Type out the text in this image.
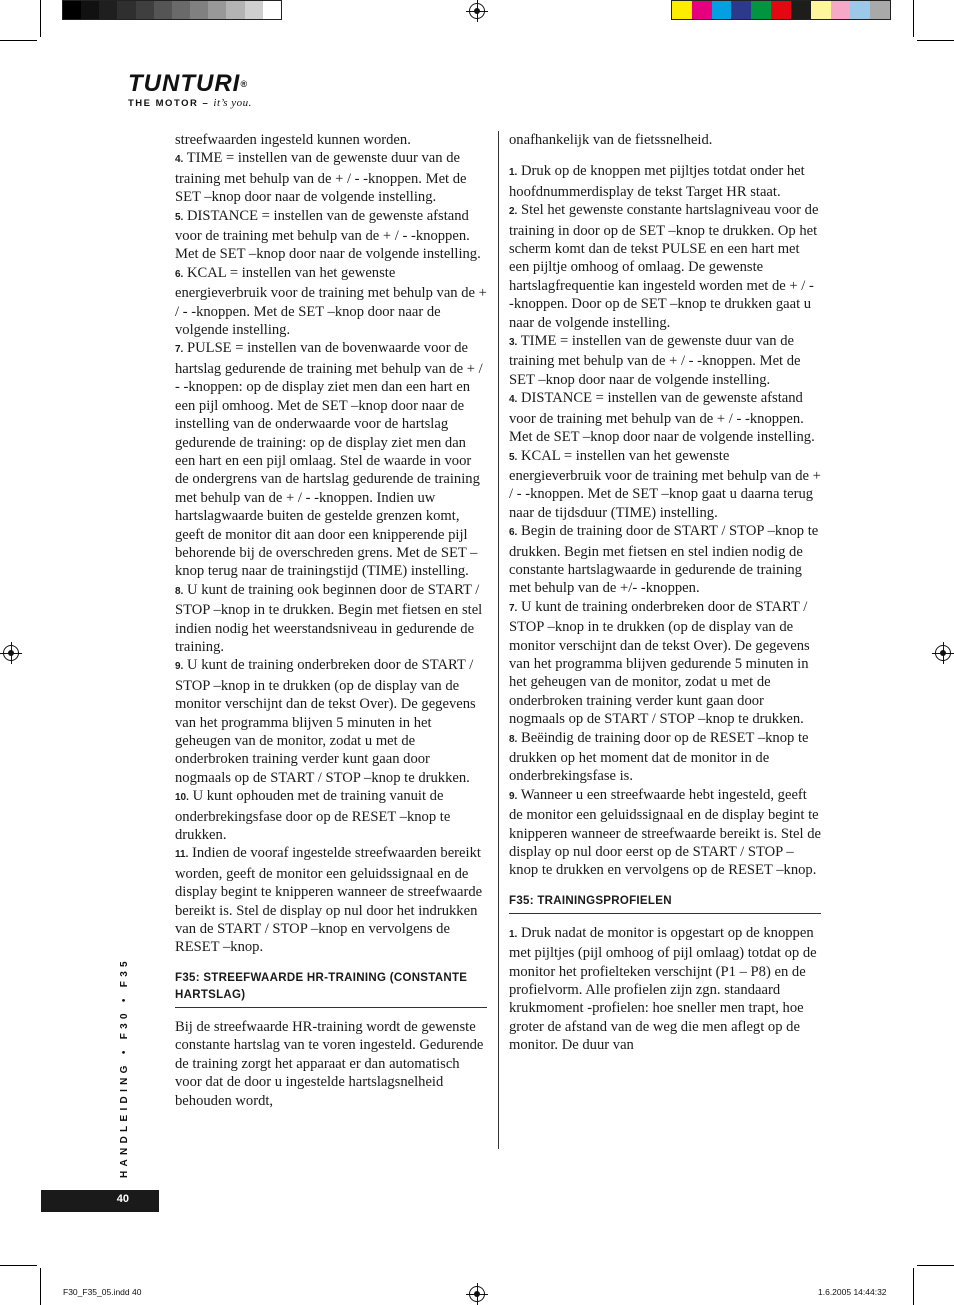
TUNTURI®
THE MOTOR – it’s you.

streefwaarden ingesteld kunnen worden.

4. TIME = instellen van de gewenste duur van de training met behulp van de + / - -knoppen. Met de SET –knop door naar de volgende instelling.

5. DISTANCE = instellen van de gewenste afstand voor de training met behulp van de + / - -knoppen. Met de SET –knop door naar de volgende instelling.

6. KCAL = instellen van het gewenste energieverbruik voor de training met behulp van de + / - -knoppen. Met de SET –knop door naar de volgende instelling.

7. PULSE = instellen van de bovenwaarde voor de hartslag gedurende de training met behulp van de + / - -knoppen: op de display ziet men dan een hart en een pijl omhoog. Met de SET –knop door naar de instelling van de onderwaarde voor de hartslag gedurende de training: op de display ziet men dan een hart en een pijl omlaag. Stel de waarde in voor de ondergrens van de hartslag gedurende de training met behulp van de + / - -knoppen. Indien uw hartslagwaarde buiten de gestelde grenzen komt, geeft de monitor dit aan door een knipperende pijl behorende bij de overschreden grens. Met de SET –knop terug naar de trainingstijd (TIME) instelling.

8. U kunt de training ook beginnen door de START / STOP –knop in te drukken. Begin met fietsen en stel indien nodig het weerstandsniveau in gedurende de training.

9. U kunt de training onderbreken door de START / STOP –knop in te drukken (op de display van de monitor verschijnt dan de tekst Over). De gegevens van het programma blijven 5 minuten in het geheugen van de monitor, zodat u met de onderbroken training verder kunt gaan door nogmaals op de START / STOP –knop te drukken.

10. U kunt ophouden met de training vanuit de onderbrekingsfase door op de RESET –knop te drukken.

11. Indien de vooraf ingestelde streefwaarden bereikt worden, geeft de monitor een geluidssignaal en de display begint te knipperen wanneer de streefwaarde bereikt is. Stel de display op nul door het indrukken van de START / STOP –knop en vervolgens de RESET –knop.

F35: STREEFWAARDE HR-TRAINING (CONSTANTE HARTSLAG)

Bij de streefwaarde HR-training wordt de gewenste constante hartslag van te voren ingesteld. Gedurende de training zorgt het apparaat er dan automatisch voor dat de door u ingestelde hartslagsnelheid behouden wordt,

onafhankelijk van de fietssnelheid.

1. Druk op de knoppen met pijltjes totdat onder het hoofdnummerdisplay de tekst Target HR staat.

2. Stel het gewenste constante hartslagniveau voor de training in door op de SET –knop te drukken. Op het scherm komt dan de tekst PULSE en een hart met een pijltje omhoog of omlaag. De gewenste hartslagfrequentie kan ingesteld worden met de + / - -knoppen. Door op de SET –knop te drukken gaat u naar de volgende instelling.

3. TIME = instellen van de gewenste duur van de training met behulp van de + / - -knoppen. Met de SET –knop door naar de volgende instelling.

4. DISTANCE = instellen van de gewenste afstand voor de training met behulp van de + / - -knoppen. Met de SET –knop door naar de volgende instelling.

5. KCAL = instellen van het gewenste energieverbruik voor de training met behulp van de + / - -knoppen. Met de SET –knop gaat u daarna terug naar de tijdsduur (TIME) instelling.

6. Begin de training door de START / STOP –knop te drukken. Begin met fietsen en stel indien nodig de constante hartslagwaarde in gedurende de training met behulp van de +/- -knoppen.

7. U kunt de training onderbreken door de START / STOP –knop in te drukken (op de display van de monitor verschijnt dan de tekst Over). De gegevens van het programma blijven gedurende 5 minuten in het geheugen van de monitor, zodat u met de onderbroken training verder kunt gaan door nogmaals op de START / STOP –knop te drukken.

8. Beëindig de training door op de RESET –knop te drukken op het moment dat de monitor in de onderbrekingsfase is.

9. Wanneer u een streefwaarde hebt ingesteld, geeft de monitor een geluidssignaal en de display begint te knipperen wanneer de streefwaarde bereikt is. Stel de display op nul door eerst op de START / STOP –knop te drukken en vervolgens op de RESET –knop.

F35: TRAININGSPROFIELEN

1. Druk nadat de monitor is opgestart op de knoppen met pijltjes (pijl omhoog of pijl omlaag) totdat op de monitor het profielteken verschijnt (P1 – P8) en de profielvorm. Alle profielen zijn zgn. standaard krukmoment -profielen: hoe sneller men trapt, hoe groter de afstand van de weg die men aflegt op de monitor. De duur van

HANDLEIDING • F30 • F35
40
F30_F35_05.indd 40	1.6.2005 14:44:32
